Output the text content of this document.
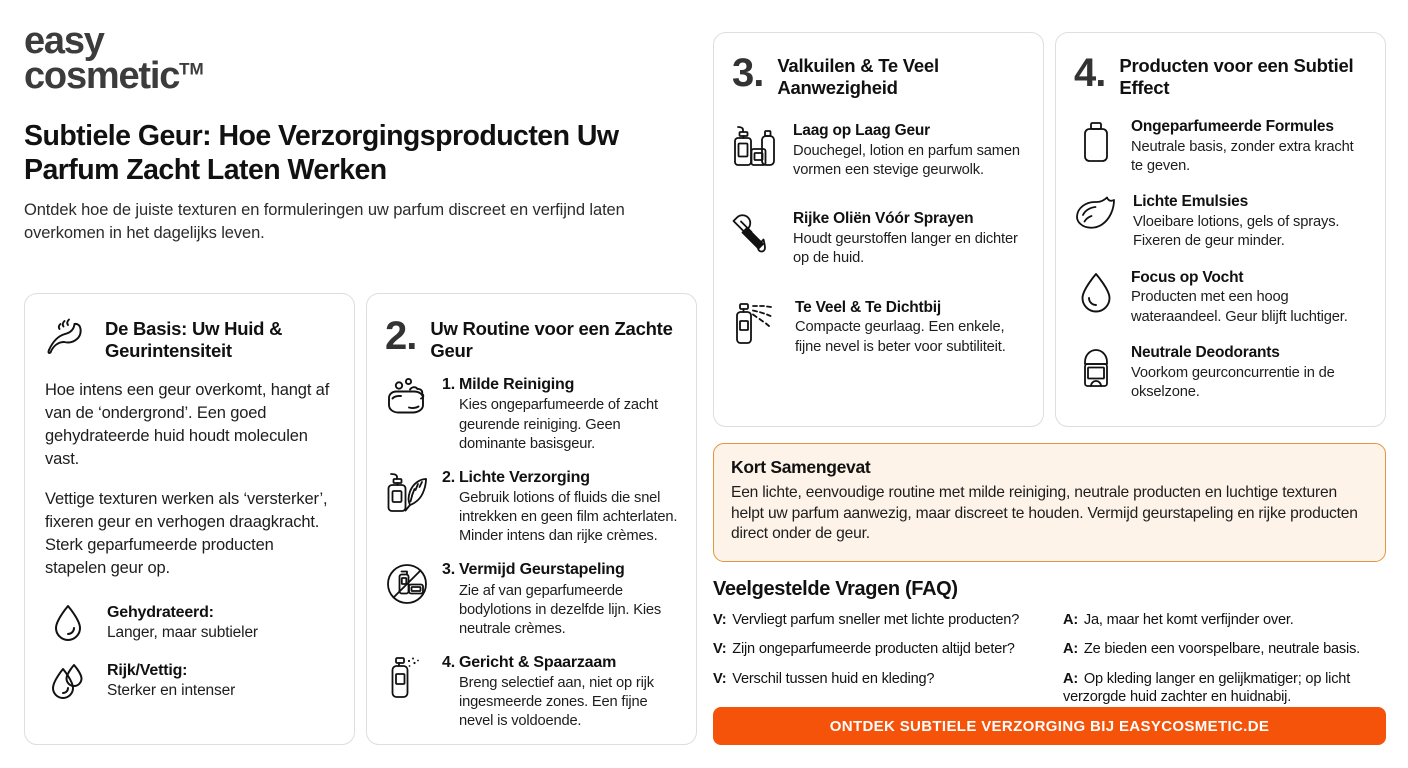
easy
cosmetic™
Subtiele Geur: Hoe Verzorgingsproducten Uw Parfum Zacht Laten Werken
Ontdek hoe de juiste texturen en formuleringen uw parfum discreet en verfijnd laten overkomen in het dagelijks leven.
De Basis: Uw Huid & Geurintensiteit
Hoe intens een geur overkomt, hangt af van de ‘ondergrond’. Een goed gehydrateerde huid houdt moleculen vast.
Vettige texturen werken als ‘versterker’, fixeren geur en verhogen draagkracht. Sterk geparfumeerde producten stapelen geur op.
Gehydrateerd:
Langer, maar subtieler
Rijk/Vettig:
Sterker en intenser
2. Uw Routine voor een Zachte Geur
1. Milde Reiniging
Kies ongeparfumeerde of zacht geurende reiniging. Geen dominante basisgeur.
2. Lichte Verzorging
Gebruik lotions of fluids die snel intrekken en geen film achterlaten. Minder intens dan rijke crèmes.
3. Vermijd Geurstapeling
Zie af van geparfumeerde bodylotions in dezelfde lijn. Kies neutrale crèmes.
4. Gericht & Spaarzaam
Breng selectief aan, niet op rijk ingesmeerde zones. Een fijne nevel is voldoende.
3. Valkuilen & Te Veel Aanwezigheid
Laag op Laag Geur
Douchegel, lotion en parfum samen vormen een stevige geurwolk.
Rijke Oliën Vóór Sprayen
Houdt geurstoffen langer en dichter op de huid.
Te Veel & Te Dichtbij
Compacte geurlaag. Een enkele, fijne nevel is beter voor subtiliteit.
4. Producten voor een Subtiel Effect
Ongeparfumeerde Formules
Neutrale basis, zonder extra kracht te geven.
Lichte Emulsies
Vloeibare lotions, gels of sprays. Fixeren de geur minder.
Focus op Vocht
Producten met een hoog wateraandeel. Geur blijft luchtiger.
Neutrale Deodorants
Voorkom geurconcurrentie in de okselzone.
Kort Samengevat
Een lichte, eenvoudige routine met milde reiniging, neutrale producten en luchtige texturen helpt uw parfum aanwezig, maar discreet te houden. Vermijd geurstapeling en rijke producten direct onder de geur.
Veelgestelde Vragen (FAQ)
V: Vervliegt parfum sneller met lichte producten?
V: Zijn ongeparfumeerde producten altijd beter?
V: Verschil tussen huid en kleding?
A: Ja, maar het komt verfijnder over.
A: Ze bieden een voorspelbare, neutrale basis.
A: Op kleding langer en gelijkmatiger; op licht verzorgde huid zachter en huidnabij.
ONTDEK SUBTIELE VERZORGING BIJ EASYCOSMETIC.DE
